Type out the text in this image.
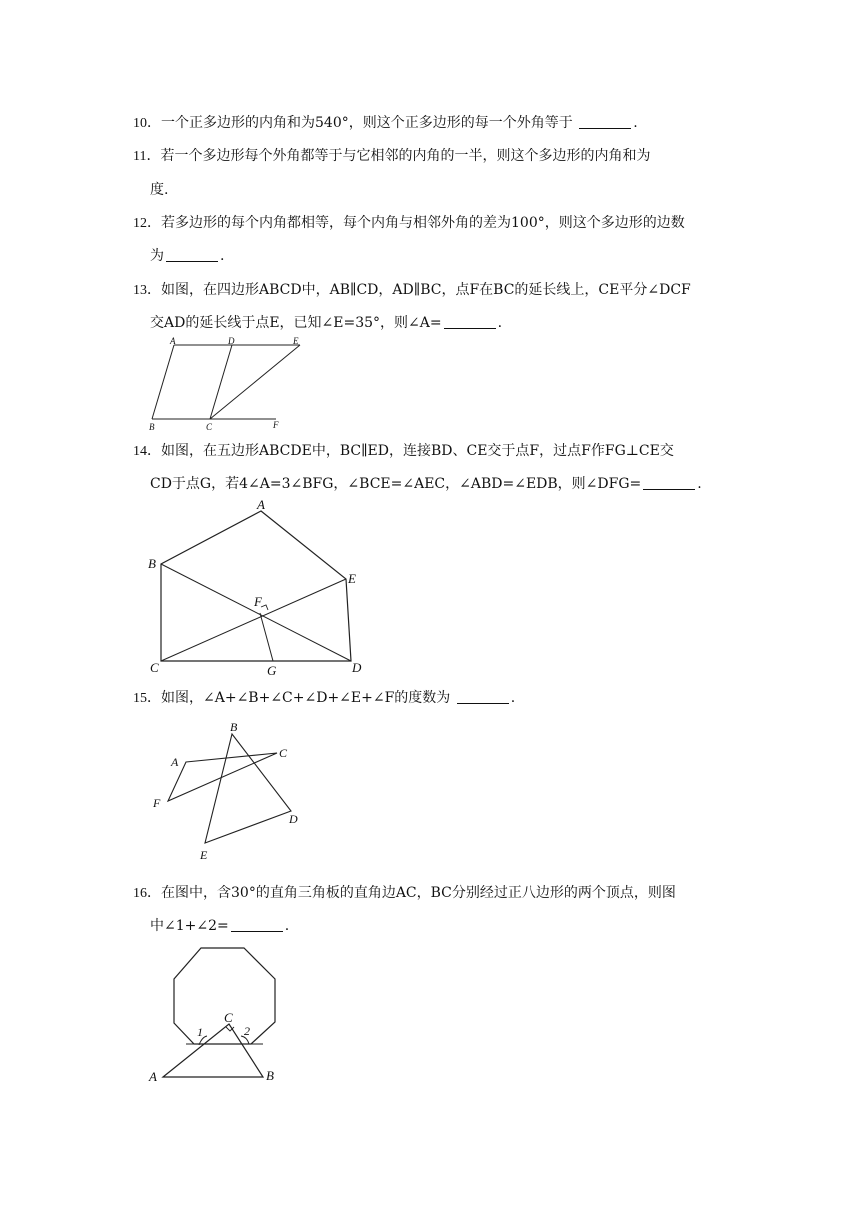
10．一个正多边形的内角和为540°，则这个正多边形的每一个外角等于	.
11．若一个多边形每个外角都等于与它相邻的内角的一半，则这个多边形的内角和为
度.
12．若多边形的每个内角都相等，每个内角与相邻外角的差为100°，则这个多边形的边数
为	.
13．如图，在四边形ABCD中，AB∥CD，AD∥BC，点F在BC的延长线上，CE平分∠DCF
交AD的延长线于点E，已知∠E=35°，则∠A=	.
A	D	E
B	C	F
14．如图，在五边形ABCDE中，BC∥ED，连接BD、CE交于点F，过点F作FG⊥CE交
CD于点G，若4∠A=3∠BFG，∠BCE=∠AEC，∠ABD=∠EDB，则∠DFG=	.
A
B
E
F
C	G	D
15．如图，∠A+∠B+∠C+∠D+∠E+∠F的度数为	.
B
C
A
F
D
E
16．在图中，含30°的直角三角板的直角边AC，BC分别经过正八边形的两个顶点，则图
中∠1+∠2=	.
C
1	2
A	B
